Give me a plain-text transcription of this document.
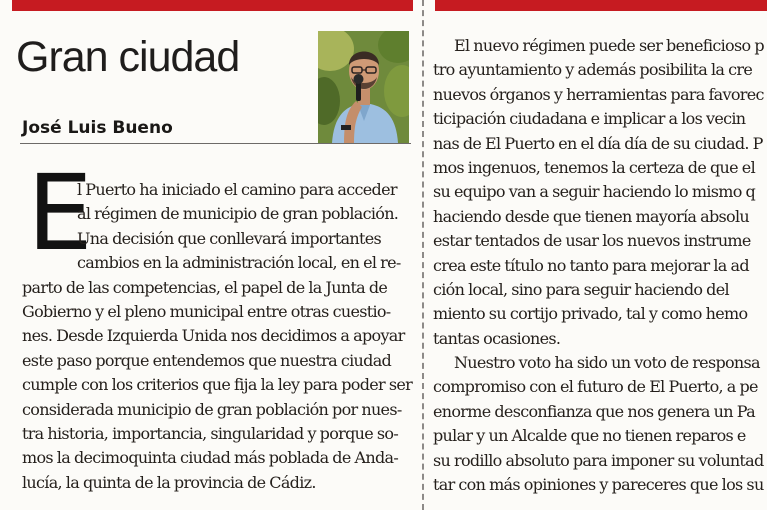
Gran ciudad
José Luis Bueno
E
l Puerto ha iniciado el camino para acceder
al régimen de municipio de gran población.
Una decisión que conllevará importantes
cambios en la administración local, en el re-
parto de las competencias, el papel de la Junta de
Gobierno y el pleno municipal entre otras cuestio-
nes. Desde Izquierda Unida nos decidimos a apoyar
este paso porque entendemos que nuestra ciudad
cumple con los criterios que fija la ley para poder ser
considerada municipio de gran población por nues-
tra historia, importancia, singularidad y porque so-
mos la decimoquinta ciudad más poblada de Anda-
lucía, la quinta de la provincia de Cádiz.
El nuevo régimen puede ser beneficioso p
tro ayuntamiento y además posibilita la cre
nuevos órganos y herramientas para favorec
ticipación ciudadana e implicar a los vecin
nas de El Puerto en el día día de su ciudad. P
mos ingenuos, tenemos la certeza de que el
su equipo van a seguir haciendo lo mismo q
haciendo desde que tienen mayoría absolu
estar tentados de usar los nuevos instrume
crea este título no tanto para mejorar la ad
ción local, sino para seguir haciendo del
miento su cortijo privado, tal y como hemo
tantas ocasiones.
Nuestro voto ha sido un voto de responsa
compromiso con el futuro de El Puerto, a pe
enorme desconfianza que nos genera un Pa
pular y un Alcalde que no tienen reparos e
su rodillo absoluto para imponer su voluntad
tar con más opiniones y pareceres que los su
